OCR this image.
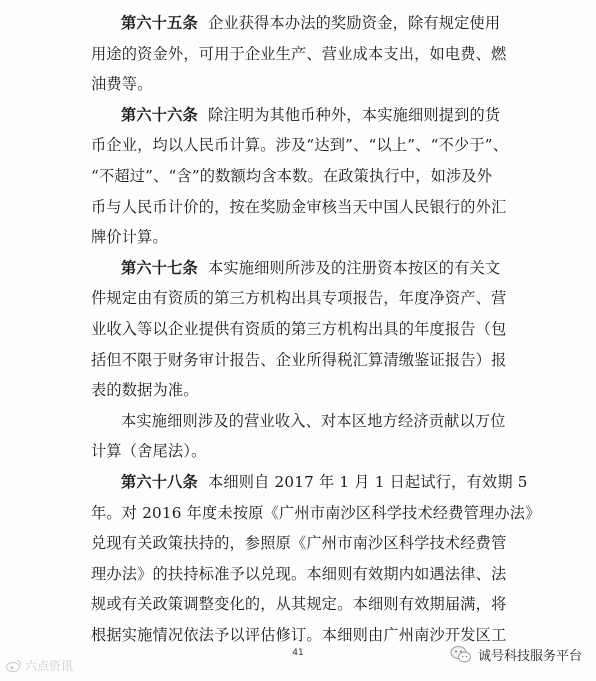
第六十五条 企业获得本办法的奖励资金，除有规定使用
用途的资金外，可用于企业生产、营业成本支出，如电费、燃
油费等。
第六十六条 除注明为其他币种外，本实施细则提到的货
币企业，均以人民币计算。涉及“达到”、“以上”、“不少于”、
“不超过”、“含”的数额均含本数。在政策执行中，如涉及外
币与人民币计价的，按在奖励金审核当天中国人民银行的外汇
牌价计算。
第六十七条 本实施细则所涉及的注册资本按区的有关文
件规定由有资质的第三方机构出具专项报告，年度净资产、营
业收入等以企业提供有资质的第三方机构出具的年度报告（包
括但不限于财务审计报告、企业所得税汇算清缴鉴证报告）报
表的数据为准。
本实施细则涉及的营业收入、对本区地方经济贡献以万位
计算（舍尾法）。
第六十八条 本细则自 2017 年 1 月 1 日起试行，有效期 5
年。对 2016 年度未按原《广州市南沙区科学技术经费管理办法》
兑现有关政策扶持的，参照原《广州市南沙区科学技术经费管
理办法》的扶持标准予以兑现。本细则有效期内如遇法律、法
规或有关政策调整变化的，从其规定。本细则有效期届满，将
根据实施情况依法予以评估修订。本细则由广州南沙开发区工
41
六点资讯
诚号科技服务平台
